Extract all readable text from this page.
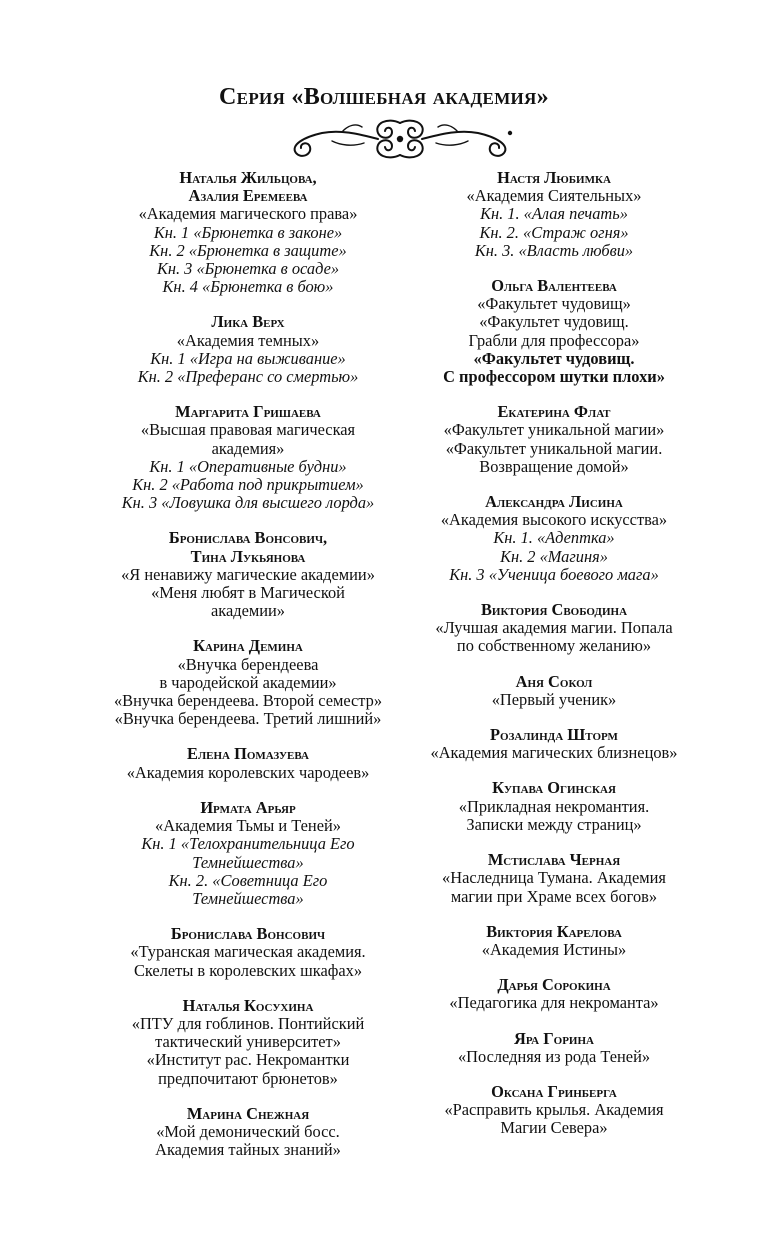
Серия «Волшебная академия»
Наталья Жильцова,
Азалия Еремеева
«Академия магического права»
Кн. 1 «Брюнетка в законе»
Кн. 2 «Брюнетка в защите»
Кн. 3 «Брюнетка в осаде»
Кн. 4 «Брюнетка в бою»
Лика Верх
«Академия темных»
Кн. 1 «Игра на выживание»
Кн. 2 «Преферанс со смертью»
Маргарита Гришаева
«Высшая правовая магическая
академия»
Кн. 1 «Оперативные будни»
Кн. 2 «Работа под прикрытием»
Кн. 3 «Ловушка для высшего лорда»
Бронислава Вонсович,
Тина Лукьянова
«Я ненавижу магические академии»
«Меня любят в Магической
академии»
Карина Демина
«Внучка берендеева
в чародейской академии»
«Внучка берендеева. Второй семестр»
«Внучка берендеева. Третий лишний»
Елена Помазуева
«Академия королевских чародеев»
Ирмата Арьяр
«Академия Тьмы и Теней»
Кн. 1 «Телохранительница Его
Темнейшества»
Кн. 2. «Советница Его
Темнейшества»
Бронислава Вонсович
«Туранская магическая академия.
Скелеты в королевских шкафах»
Наталья Косухина
«ПТУ для гоблинов. Понтийский
тактический университет»
«Институт рас. Некромантки
предпочитают брюнетов»
Марина Снежная
«Мой демонический босс.
Академия тайных знаний»
Настя Любимка
«Академия Сиятельных»
Кн. 1. «Алая печать»
Кн. 2. «Страж огня»
Кн. 3. «Власть любви»
Ольга Валентеева
«Факультет чудовищ»
«Факультет чудовищ.
Грабли для профессора»
«Факультет чудовищ.
С профессором шутки плохи»
Екатерина Флат
«Факультет уникальной магии»
«Факультет уникальной магии.
Возвращение домой»
Александра Лисина
«Академия высокого искусства»
Кн. 1. «Адептка»
Кн. 2 «Магиня»
Кн. 3 «Ученица боевого мага»
Виктория Свободина
«Лучшая академия магии. Попала
по собственному желанию»
Аня Сокол
«Первый ученик»
Розалинда Шторм
«Академия магических близнецов»
Купава Огинская
«Прикладная некромантия.
Записки между страниц»
Мстислава Черная
«Наследница Тумана. Академия
магии при Храме всех богов»
Виктория Карелова
«Академия Истины»
Дарья Сорокина
«Педагогика для некроманта»
Яра Горина
«Последняя из рода Теней»
Оксана Гринберга
«Расправить крылья. Академия
Магии Севера»
